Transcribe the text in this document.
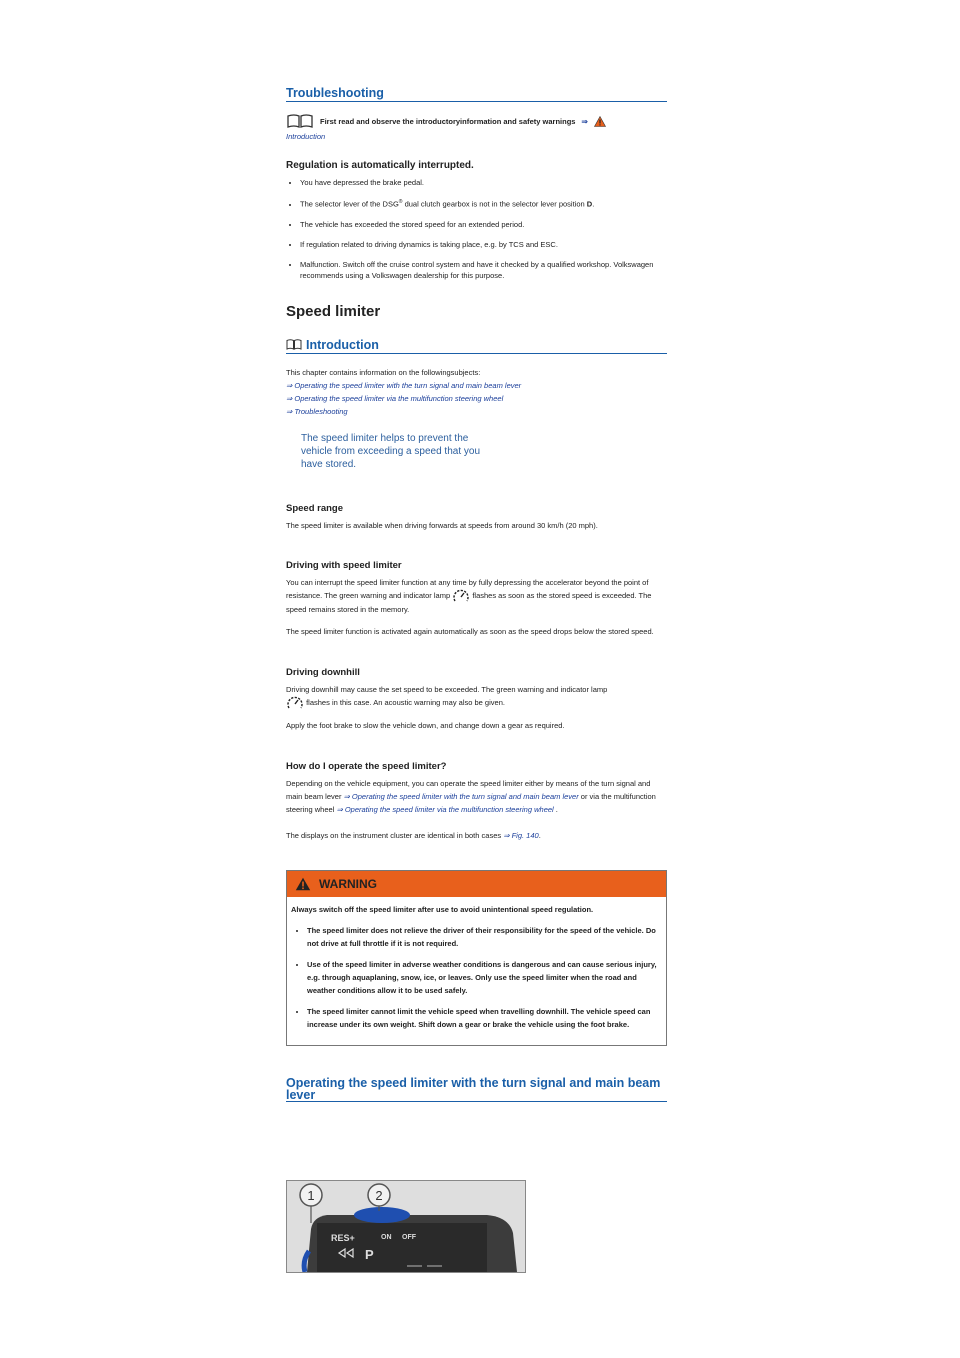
Troubleshooting
First read and observe the introductoryinformation and safety warnings ⇒
Introduction
Regulation is automatically interrupted.
• You have depressed the brake pedal.
• The selector lever of the DSG® dual clutch gearbox is not in the selector lever position D.
• The vehicle has exceeded the stored speed for an extended period.
• If regulation related to driving dynamics is taking place, e.g. by TCS and ESC.
• Malfunction. Switch off the cruise control system and have it checked by a qualified workshop. Volkswagen recommends using a Volkswagen dealership for this purpose.
Speed limiter
Introduction

This chapter contains information on the followingsubjects:

⇒ Operating the speed limiter with the turn signal and main beam lever
⇒ Operating the speed limiter via the multifunction steering wheel
⇒ Troubleshooting
The speed limiter helps to prevent the vehicle from exceeding a speed that you have stored.
Speed range

The speed limiter is available when driving forwards at speeds from around 30 km/h (20 mph).

Driving with speed limiter

You can interrupt the speed limiter function at any time by fully depressing the accelerator beyond the point of resistance. The green warning and indicator lamp	flashes as soon as the stored speed is exceeded. The speed remains stored in the memory.

The speed limiter function is activated again automatically as soon as the speed drops below the stored speed.

Driving downhill

Driving downhill may cause the set speed to be exceeded. The green warning and indicator lamp
flashes in this case. An acoustic warning may also be given.

Apply the foot brake to slow the vehicle down, and change down a gear as required.

How do I operate the speed limiter?

Depending on the vehicle equipment, you can operate the speed limiter either by means of the turn signal and main beam lever ⇒ Operating the speed limiter with the turn signal and main beam lever or via the multifunction steering wheel ⇒ Operating the speed limiter via the multifunction steering wheel .

The displays on the instrument cluster are identical in both cases ⇒ Fig. 140.

WARNING
Always switch off the speed limiter after use to avoid unintentional speed regulation.
• The speed limiter does not relieve the driver of their responsibility for the speed of the vehicle. Do not drive at full throttle if it is not required.
• Use of the speed limiter in adverse weather conditions is dangerous and can cause serious injury, e.g. through aquaplaning, snow, ice, or leaves. Only use the speed limiter when the road and weather conditions allow it to be used safely.
• The speed limiter cannot limit the vehicle speed when travelling downhill. The vehicle speed can increase under its own weight. Shift down a gear or brake the vehicle using the foot brake.
Operating the speed limiter with the turn signal and main beam lever
RES+	ON OFF
P
1	2
